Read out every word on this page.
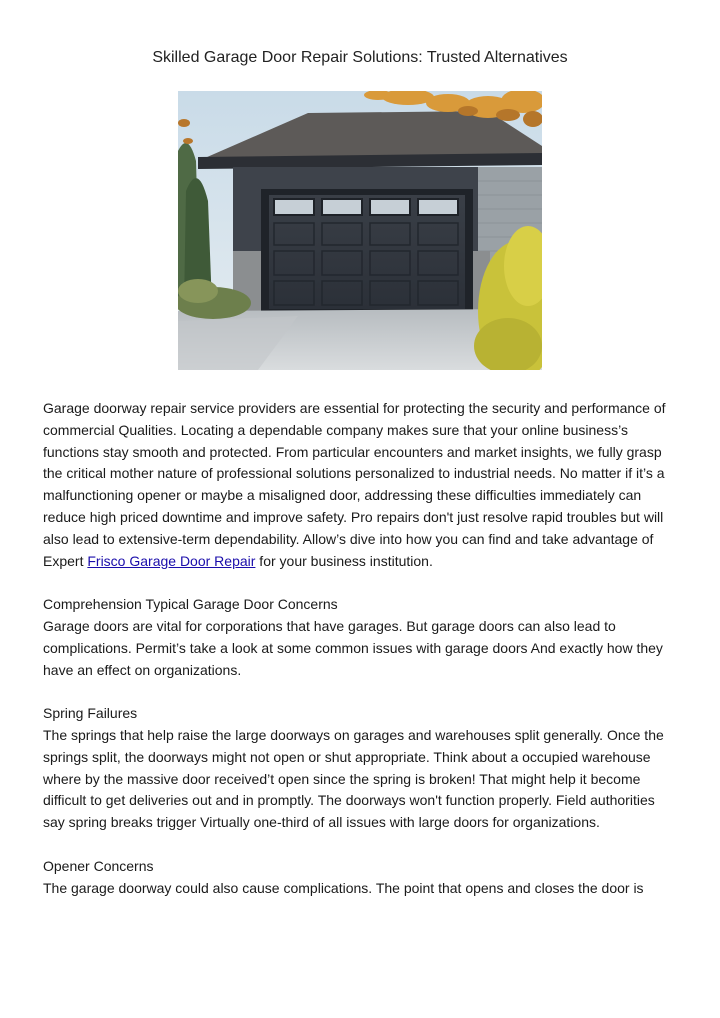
Skilled Garage Door Repair Solutions: Trusted Alternatives

Garage doorway repair service providers are essential for protecting the security and performance of commercial Qualities. Locating a dependable company makes sure that your online business’s functions stay smooth and protected. From particular encounters and market insights, we fully grasp the critical mother nature of professional solutions personalized to industrial needs. No matter if it’s a malfunctioning opener or maybe a misaligned door, addressing these difficulties immediately can reduce high priced downtime and improve safety. Pro repairs don't just resolve rapid troubles but will also lead to extensive-term dependability. Allow’s dive into how you can find and take advantage of Expert Frisco Garage Door Repair for your business institution.

Comprehension Typical Garage Door Concerns

Garage doors are vital for corporations that have garages. But garage doors can also lead to complications. Permit’s take a look at some common issues with garage doors And exactly how they have an effect on organizations.

Spring Failures

The springs that help raise the large doorways on garages and warehouses split generally. Once the springs split, the doorways might not open or shut appropriate. Think about a occupied warehouse where by the massive door received’t open since the spring is broken! That might help it become difficult to get deliveries out and in promptly. The doorways won't function properly. Field authorities say spring breaks trigger Virtually one-third of all issues with large doors for organizations.

Opener Concerns

The garage doorway could also cause complications. The point that opens and closes the door is
